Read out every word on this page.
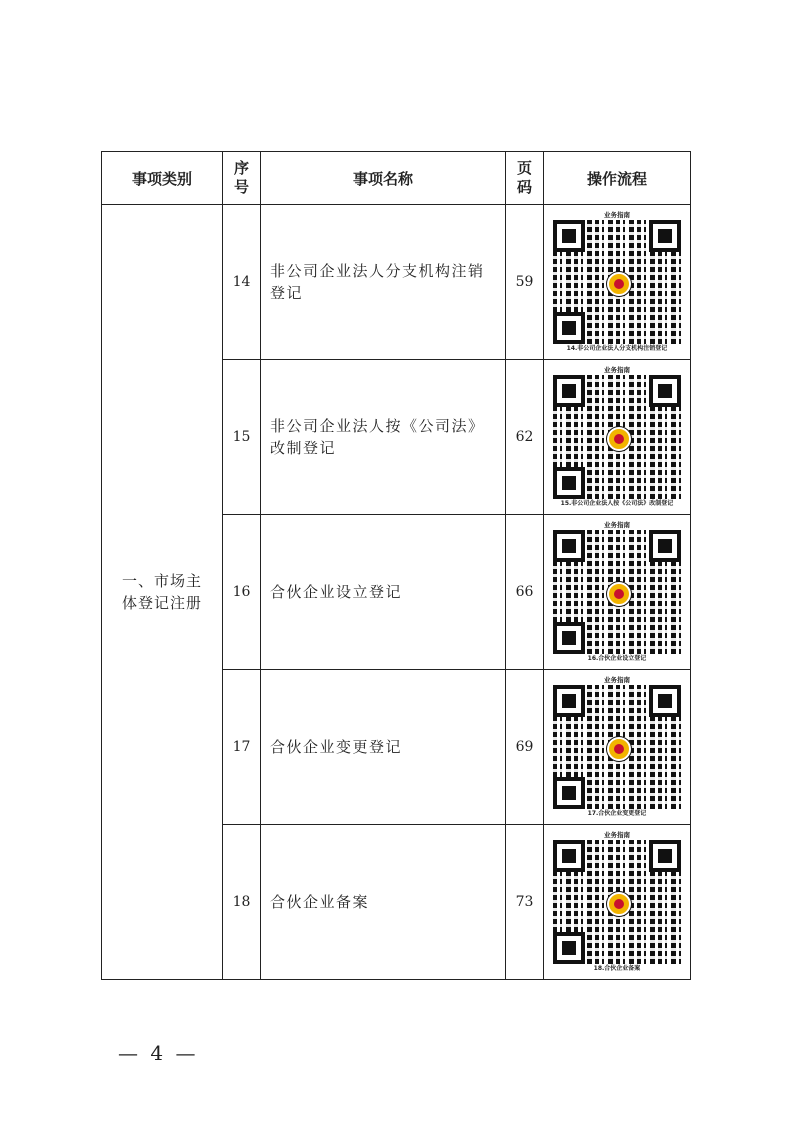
事项类别	序号	事项名称	页码	操作流程
一、市场主体登记注册	14	非公司企业法人分支机构注销登记	59	业务指南
14.非公司企业法人分支机构注销登记

	15	非公司企业法人按《公司法》改制登记	62	业务指南
15.非公司企业法人按《公司法》改制登记

	16	合伙企业设立登记	66	业务指南
16.合伙企业设立登记

	17	合伙企业变更登记	69	业务指南
17.合伙企业变更登记

	18	合伙企业备案	73	业务指南
18.合伙企业备案
— 4 —
